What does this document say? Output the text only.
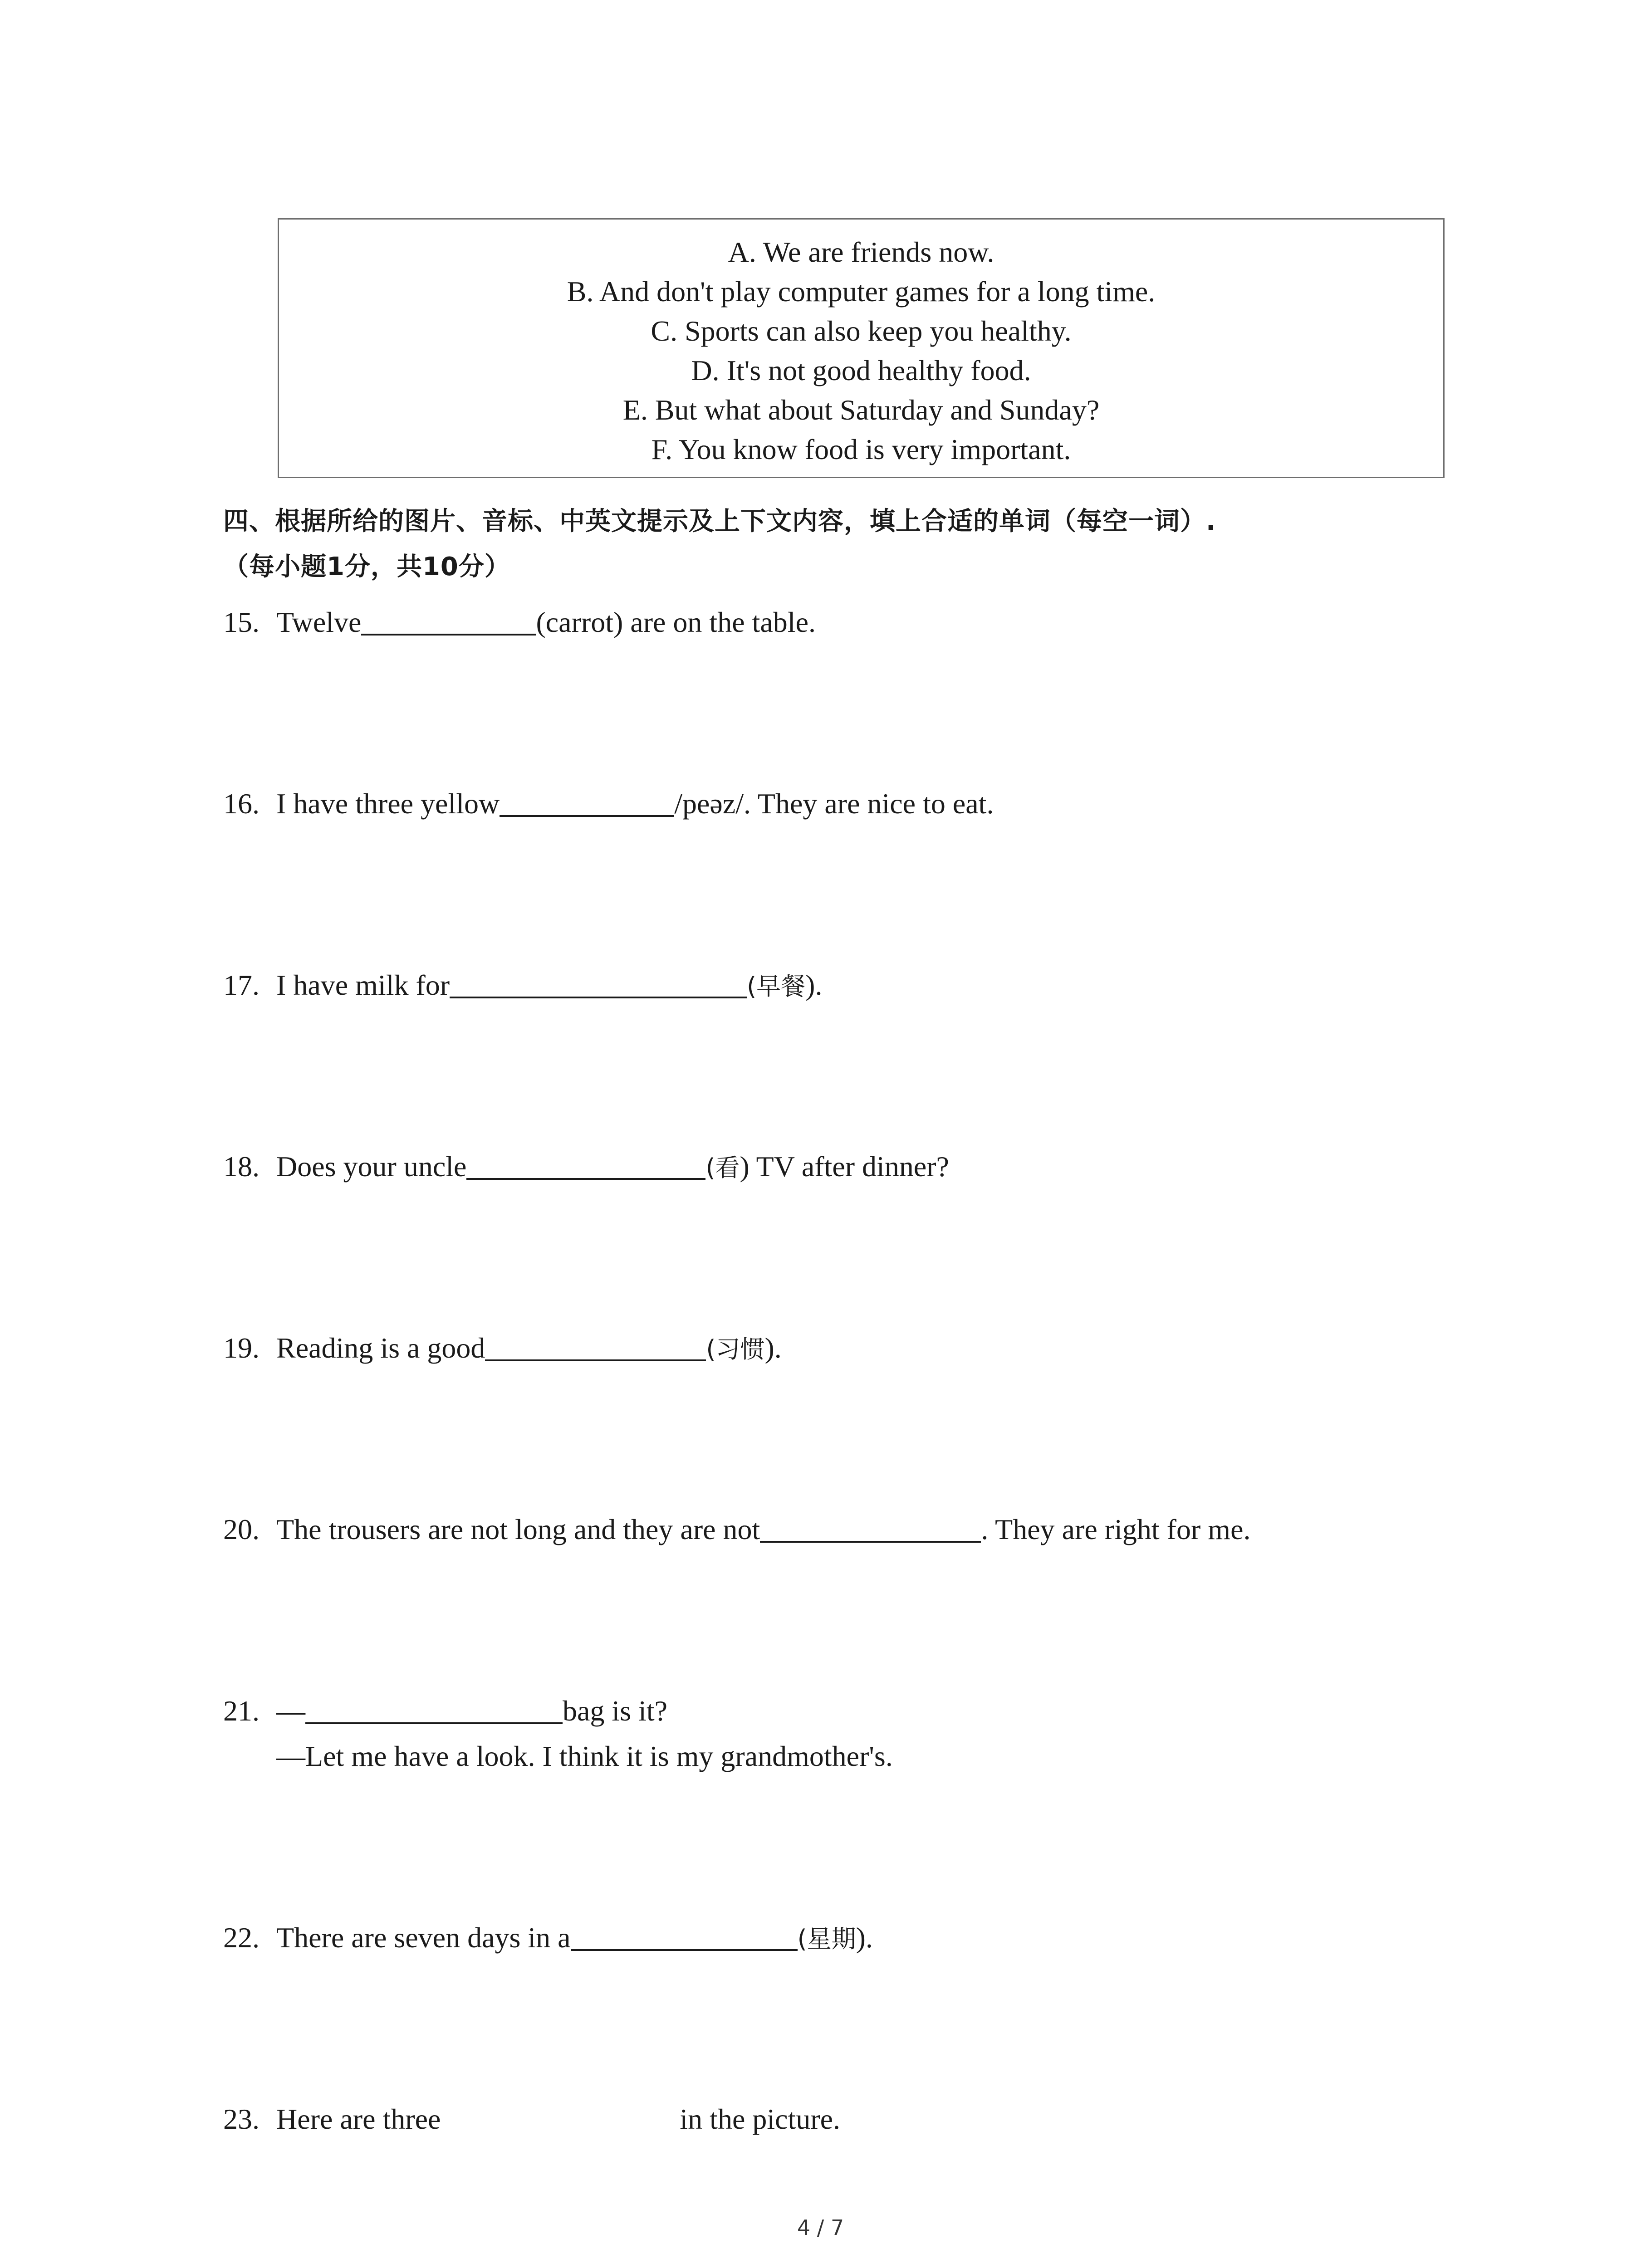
A. We are friends now.
B. And don't play computer games for a long time.
C. Sports can also keep you healthy.
D. It's not good healthy food.
E. But what about Saturday and Sunday?
F. You know food is very important.
四、根据所给的图片、音标、中英文提示及上下文内容，填上合适的单词（每空一词）.
（每小题1分，共10分）
15. Twelve	(carrot) are on the table.
16. I have three yellow	/peəz/. They are nice to eat.
17. I have milk for	(早餐).
18. Does your uncle	(看) TV after dinner?
19. Reading is a good	(习惯).
20. The trousers are not long and they are not	. They are right for me.
21. —	bag is it?
—Let me have a look. I think it is my grandmother's.
22. There are seven days in a	(星期).
23. Here are three	in the picture.
4 / 7
